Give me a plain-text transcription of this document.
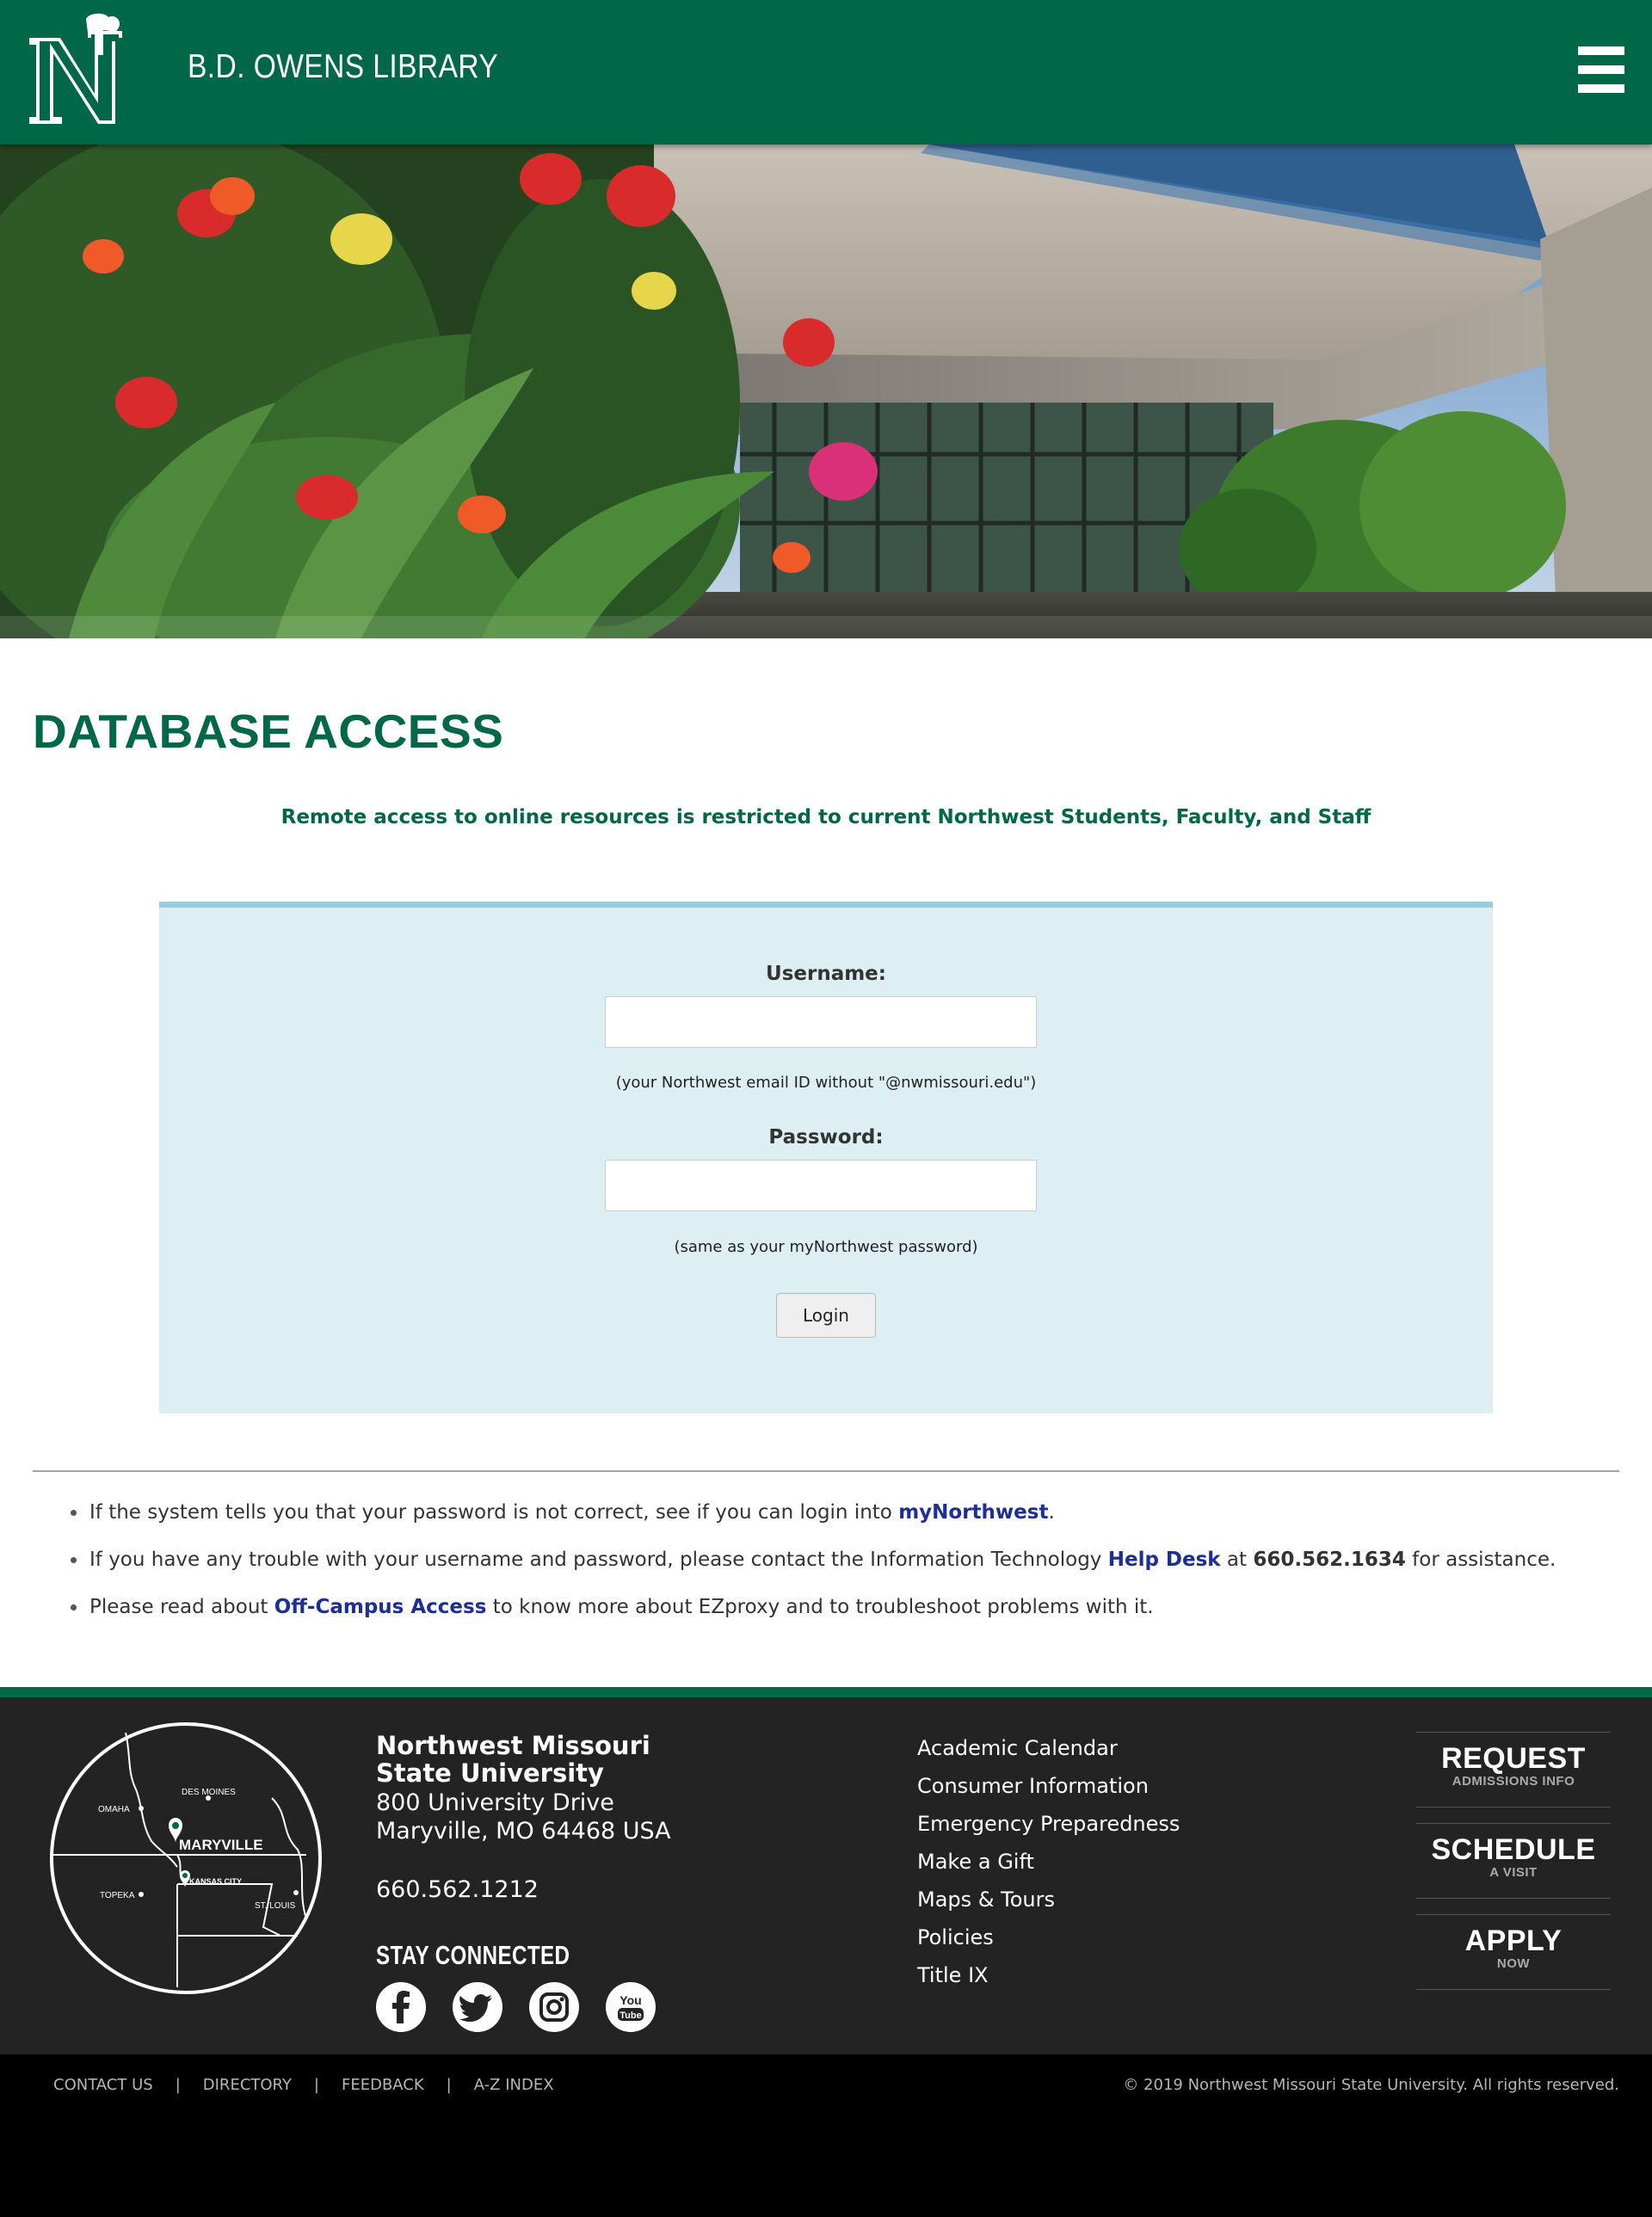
B.D. OWENS LIBRARY
DATABASE ACCESS

Remote access to online resources is restricted to current Northwest Students, Faculty, and Staff

Username:
(your Northwest email ID without "@nwmissouri.edu")
Password:
(same as your myNorthwest password)
Login
If the system tells you that your password is not correct, see if you can login into myNorthwest.
If you have any trouble with your username and password, please contact the Information Technology Help Desk at 660.562.1634 for assistance.
Please read about Off-Campus Access to know more about EZproxy and to troubleshoot problems with it.
DES MOINES
OMAHA
MARYVILLE
KANSAS CITY
TOPEKA
ST. LOUIS
Northwest Missouri State University
800 University Drive
Maryville, MO 64468 USA
660.562.1212
STAY CONNECTED
You
Tube
Academic Calendar
Consumer Information
Emergency Preparedness
Make a Gift
Maps & Tours
Policies
Title IX
REQUEST
ADMISSIONS INFO
SCHEDULE
A VISIT
APPLY
NOW
CONTACT US | DIRECTORY | FEEDBACK | A-Z INDEX	© 2019 Northwest Missouri State University. All rights reserved.
